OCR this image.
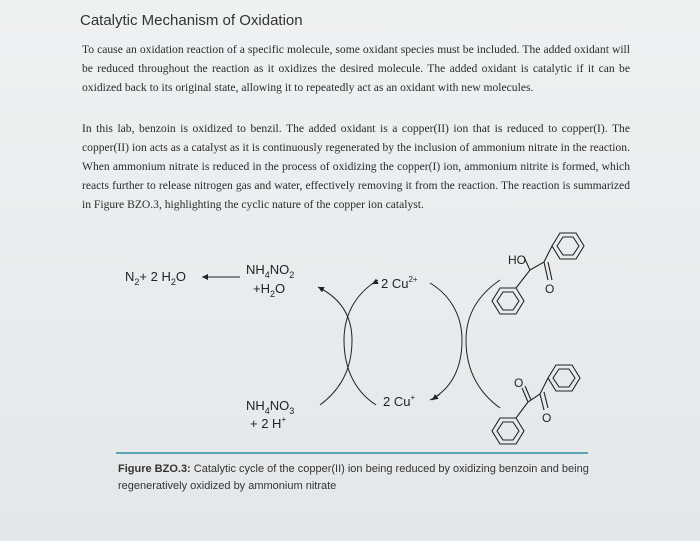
Catalytic Mechanism of Oxidation

To cause an oxidation reaction of a specific molecule, some oxidant species must be included. The added oxidant will be reduced throughout the reaction as it oxidizes the desired molecule. The added oxidant is catalytic if it can be oxidized back to its original state, allowing it to repeatedly act as an oxidant with new molecules.

In this lab, benzoin is oxidized to benzil. The added oxidant is a copper(II) ion that is reduced to copper(I). The copper(II) ion acts as a catalyst as it is continuously regenerated by the inclusion of ammonium nitrate in the reaction. When ammonium nitrate is reduced in the process of oxidizing the copper(I) ion, ammonium nitrite is formed, which reacts further to release nitrogen gas and water, effectively removing it from the reaction. The reaction is summarized in Figure BZO.3, highlighting the cyclic nature of the copper ion catalyst.

$N_2+ 2$ $H_2O$	$NH_4NO_2$
$+H_2O$
$NH_4NO_3$
+ 2 H+
2 $Cu^{2+}$
2 Cu+
HO
O
O
O
Figure BZO.3: Catalytic cycle of the copper(II) ion being reduced by oxidizing benzoin and being regeneratively oxidized by ammonium nitrate
